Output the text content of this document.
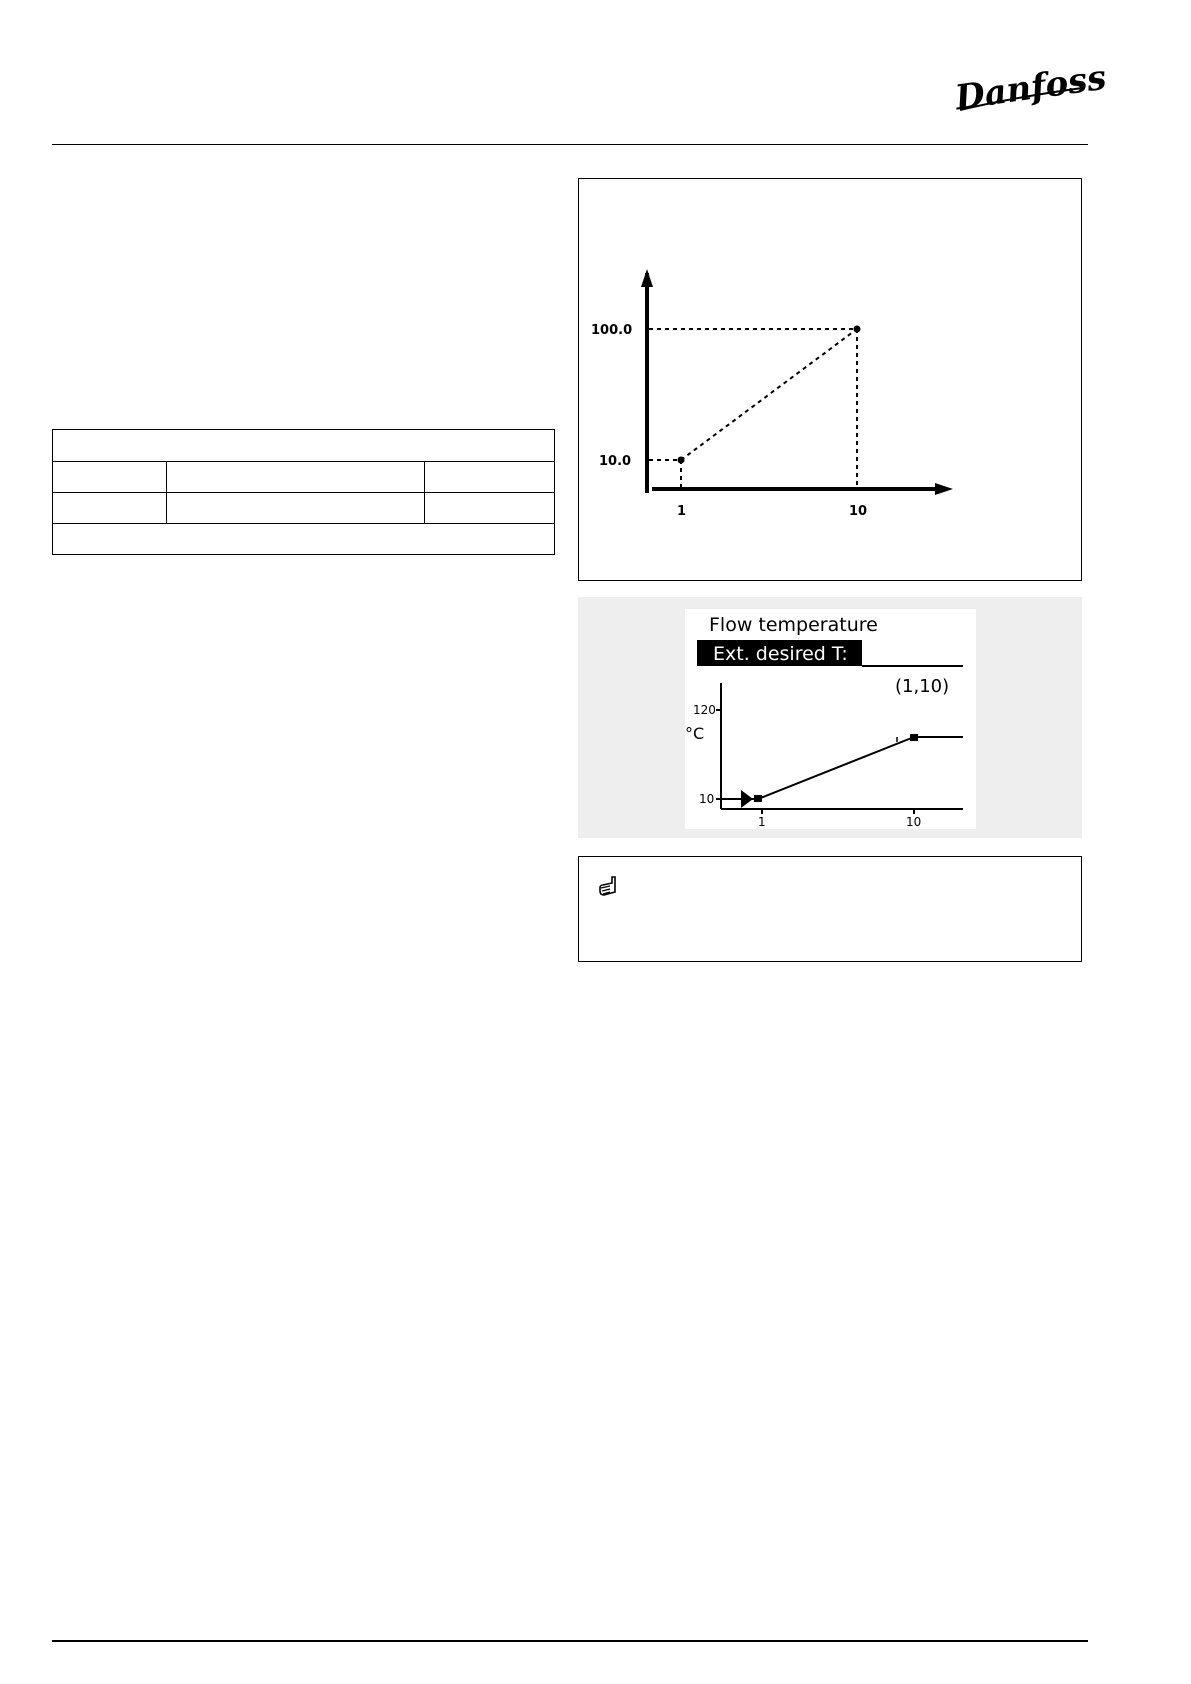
Danfoss
100.0
10.0
1	10
Flow temperature
Ext. desired T:
(1,10)
120
°C
10
1	10
